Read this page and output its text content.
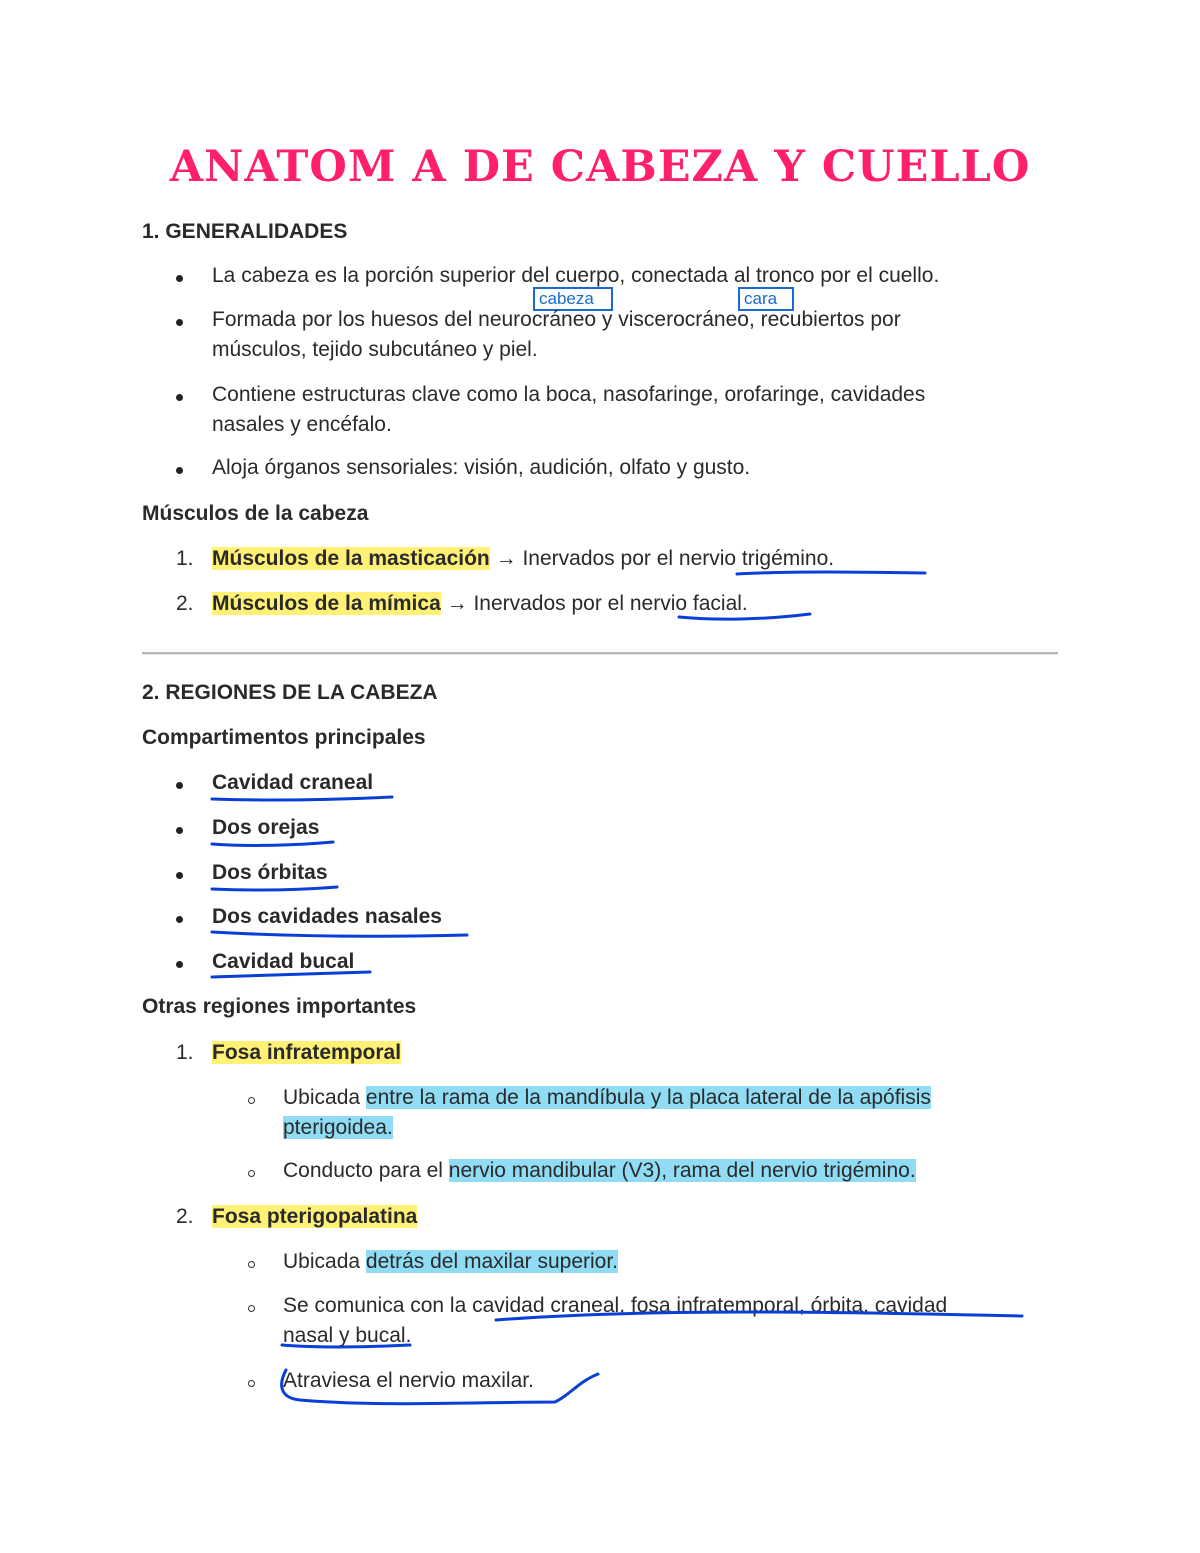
ANATOM A DE CABEZA Y CUELLO
1. GENERALIDADES
La cabeza es la porción superior del cuerpo, conectada al tronco por el cuello.
cabeza	cara
Formada por los huesos del neurocráneo y viscerocráneo, recubiertos por
músculos, tejido subcutáneo y piel.
Contiene estructuras clave como la boca, nasofaringe, orofaringe, cavidades
nasales y encéfalo.
Aloja órganos sensoriales: visión, audición, olfato y gusto.
Músculos de la cabeza
1. Músculos de la masticación → Inervados por el nervio trigémino.
2. Músculos de la mímica → Inervados por el nervio facial.
2. REGIONES DE LA CABEZA
Compartimentos principales
Cavidad craneal
Dos orejas
Dos órbitas
Dos cavidades nasales
Cavidad bucal
Otras regiones importantes
1. Fosa infratemporal
Ubicada entre la rama de la mandíbula y la placa lateral de la apófisis
pterigoidea.
Conducto para el nervio mandibular (V3), rama del nervio trigémino.
2. Fosa pterigopalatina
Ubicada detrás del maxilar superior.
Se comunica con la cavidad craneal, fosa infratemporal, órbita, cavidad
nasal y bucal.
Atraviesa el nervio maxilar.
